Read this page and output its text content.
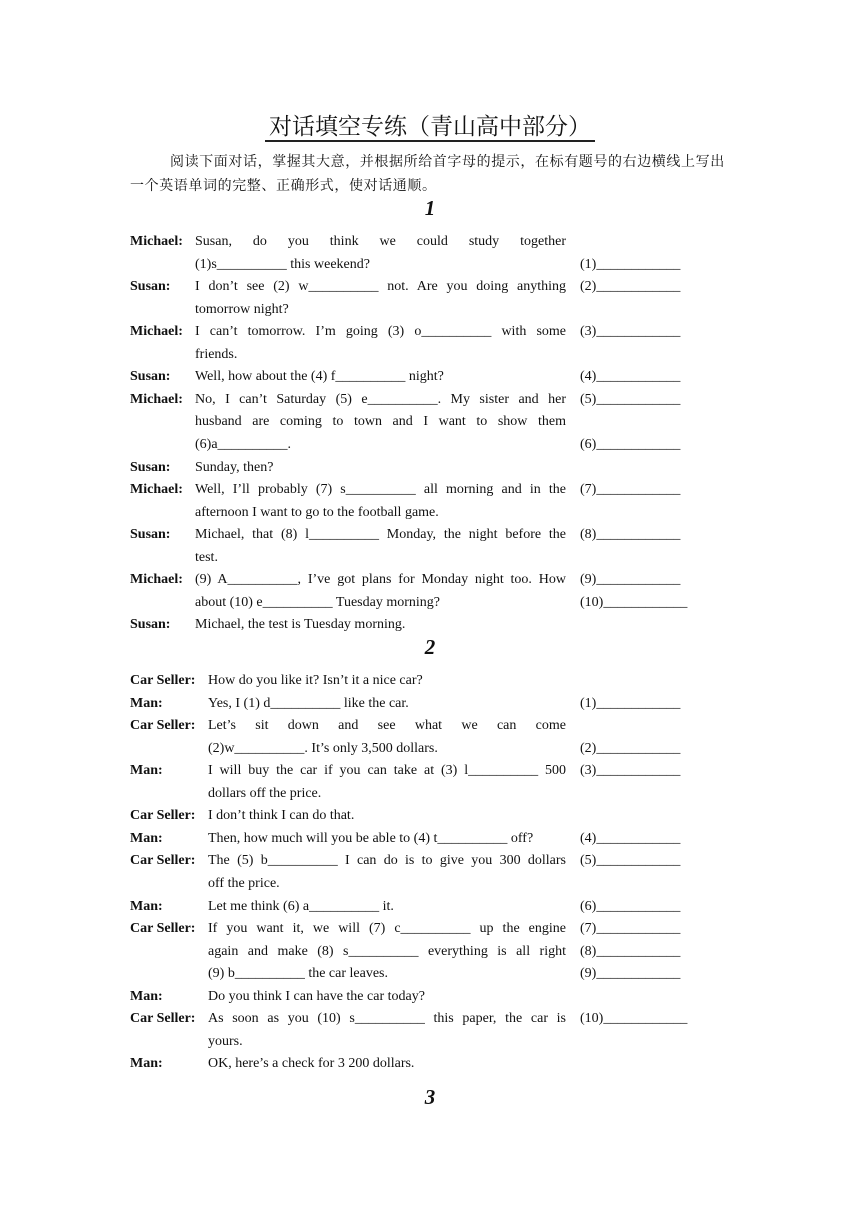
对话填空专练（青山高中部分）
阅读下面对话，掌握其大意，并根据所给首字母的提示，在标有题号的右边横线上写出一个英语单词的完整、正确形式，使对话通顺。
1
Michael: Susan, do you think we could study together
(1)s__________ this weekend?	(1)____________
Susan: I don’t see (2) w__________ not. Are you doing anything (2)____________
tomorrow night?
Michael: I can’t tomorrow. I’m going (3) o__________ with some (3)____________
friends.
Susan: Well, how about the (4) f__________ night?	(4)____________
Michael: No, I can’t Saturday (5) e__________. My sister and her (5)____________
husband are coming to town and I want to show them
(6)a__________.	(6)____________
Susan: Sunday, then?
Michael: Well, I’ll probably (7) s__________ all morning and in the (7)____________
afternoon I want to go to the football game.
Susan: Michael, that (8) l__________ Monday, the night before the (8)____________
test.
Michael: (9) A__________, I’ve got plans for Monday night too. How (9)____________
about (10) e__________ Tuesday morning?	(10)____________
Susan: Michael, the test is Tuesday morning.
2
Car Seller: How do you like it? Isn’t it a nice car?
Man:	Yes, I (1) d__________ like the car.	(1)____________
Car Seller: Let’s sit down and see what we can come
(2)w__________. It’s only 3,500 dollars.	(2)____________
Man:	I will buy the car if you can take at (3) l__________ 500 (3)____________
dollars off the price.
Car Seller: I don’t think I can do that.
Man:	Then, how much will you be able to (4) t__________ off?	(4)____________
Car Seller: The (5) b__________ I can do is to give you 300 dollars (5)____________
off the price.
Man:	Let me think (6) a__________ it.	(6)____________
Car Seller: If you want it, we will (7) c__________ up the engine (7)____________
again and make (8) s__________ everything is all right (8)____________
(9) b__________ the car leaves.	(9)____________
Man:	Do you think I can have the car today?
Car Seller: As soon as you (10) s__________ this paper, the car is (10)____________
yours.
Man:	OK, here’s a check for 3 200 dollars.
3
